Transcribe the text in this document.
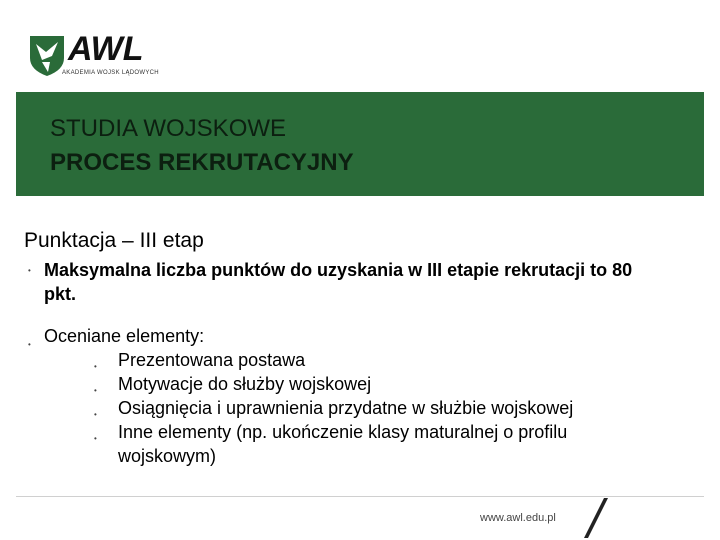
AWL
AKADEMIA WOJSK LĄDOWYCH
STUDIA WOJSKOWE
PROCES REKRUTACYJNY
Punktacja – III etap
• Maksymalna liczba punktów do uzyskania w III etapie rekrutacji to 80
pkt.
• Oceniane elementy:
• Prezentowana postawa
• Motywacje do służby wojskowej
• Osiągnięcia i uprawnienia przydatne w służbie wojskowej
• Inne elementy (np. ukończenie klasy maturalnej o profilu
wojskowym)
www.awl.edu.pl
